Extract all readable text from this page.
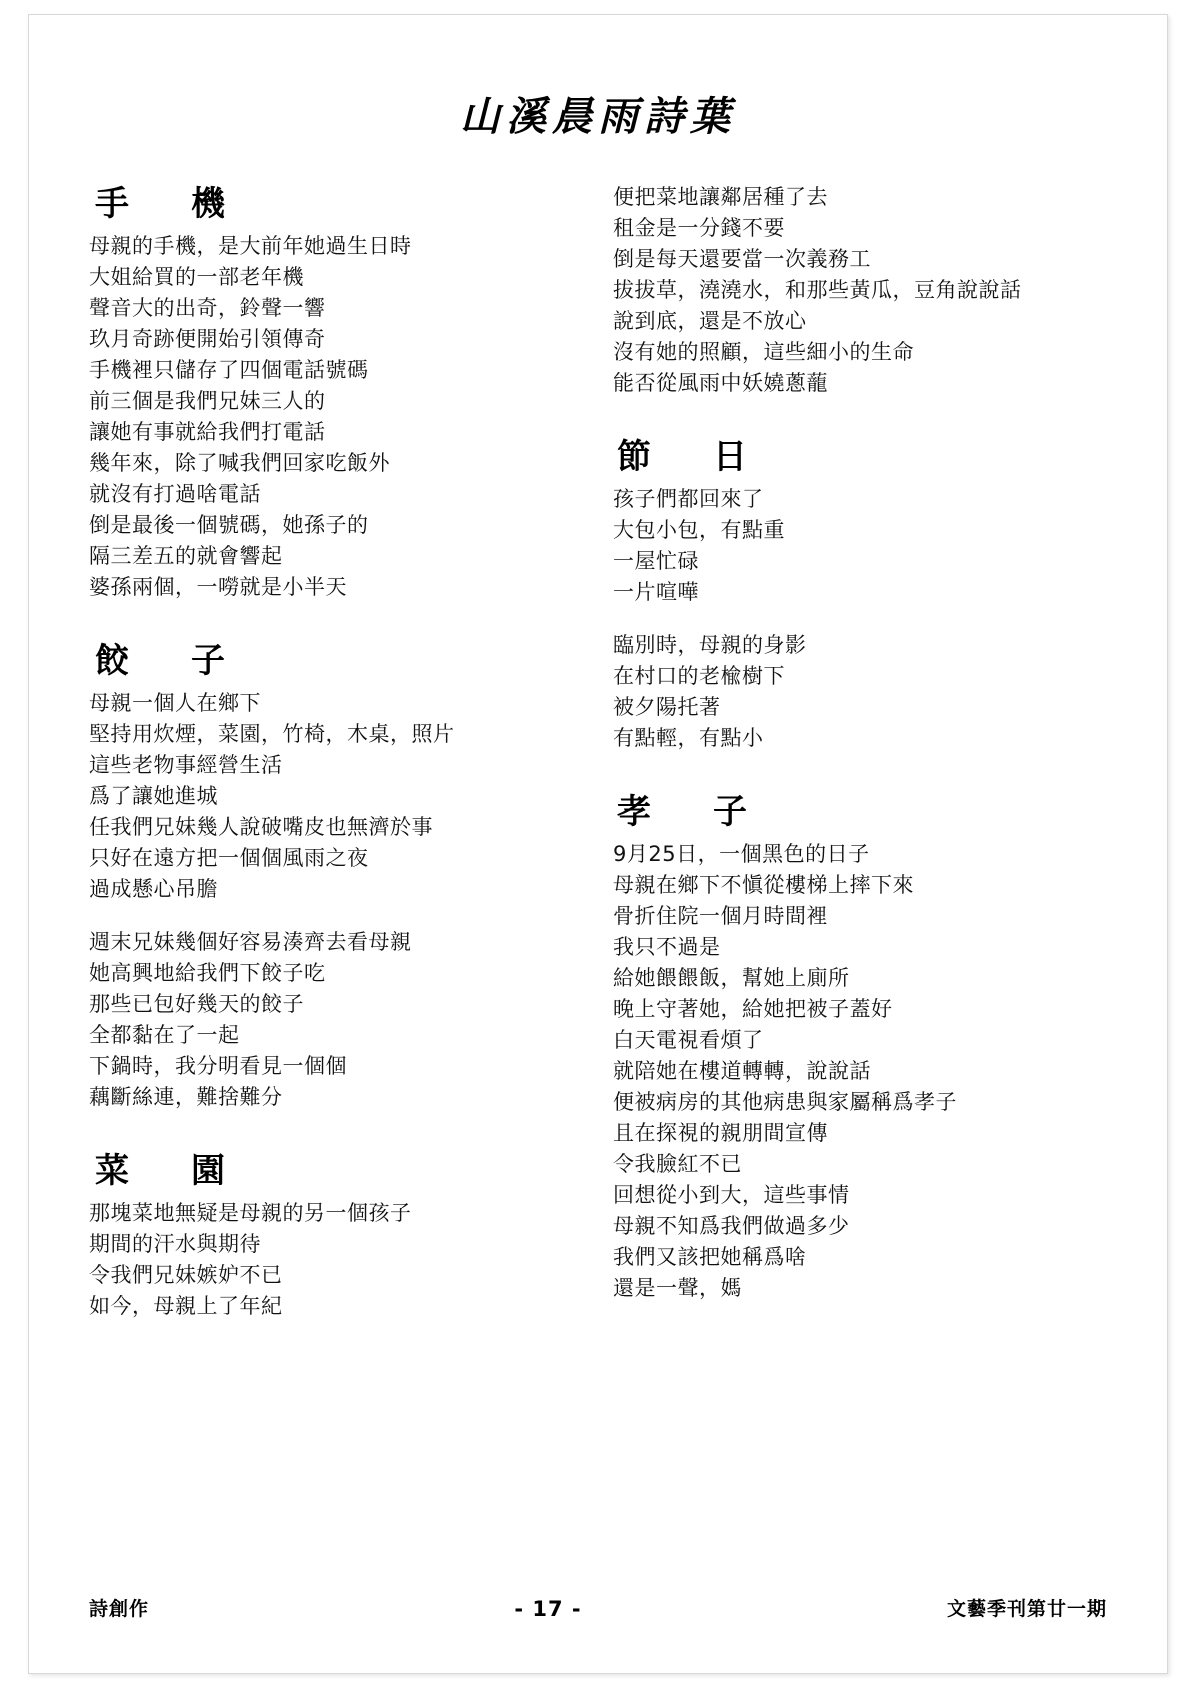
山溪晨雨詩葉
手　機
母親的手機，是大前年她過生日時
大姐給買的一部老年機
聲音大的出奇，鈴聲一響
玖月奇跡便開始引領傳奇
手機裡只儲存了四個電話號碼
前三個是我們兄妹三人的
讓她有事就給我們打電話
幾年來，除了喊我們回家吃飯外
就沒有打過啥電話
倒是最後一個號碼，她孫子的
隔三差五的就會響起
婆孫兩個，一嘮就是小半天
餃　子
母親一個人在鄉下
堅持用炊煙，菜園，竹椅，木桌，照片
這些老物事經營生活
爲了讓她進城
任我們兄妹幾人說破嘴皮也無濟於事
只好在遠方把一個個風雨之夜
過成懸心吊膽
週末兄妹幾個好容易湊齊去看母親
她高興地給我們下餃子吃
那些已包好幾天的餃子
全都黏在了一起
下鍋時，我分明看見一個個
藕斷絲連，難捨難分
菜　園
那塊菜地無疑是母親的另一個孩子
期間的汗水與期待
令我們兄妹嫉妒不已
如今，母親上了年紀
便把菜地讓鄰居種了去
租金是一分錢不要
倒是每天還要當一次義務工
拔拔草，澆澆水，和那些黃瓜，豆角說說話
說到底，還是不放心
沒有她的照顧，這些細小的生命
能否從風雨中妖嬈蔥蘢
節　日
孩子們都回來了
大包小包，有點重
一屋忙碌
一片喧嘩
臨別時，母親的身影
在村口的老楡樹下
被夕陽托著
有點輕，有點小
孝　子
9月25日，一個黑色的日子
母親在鄉下不愼從樓梯上摔下來
骨折住院一個月時間裡
我只不過是
給她餵餵飯，幫她上廁所
晚上守著她，給她把被子蓋好
白天電視看煩了
就陪她在樓道轉轉，說說話
便被病房的其他病患與家屬稱爲孝子
且在探視的親朋間宣傳
令我臉紅不已
回想從小到大，這些事情
母親不知爲我們做過多少
我們又該把她稱爲啥
還是一聲，媽
詩創作	- 17 -	文藝季刊第廿一期
